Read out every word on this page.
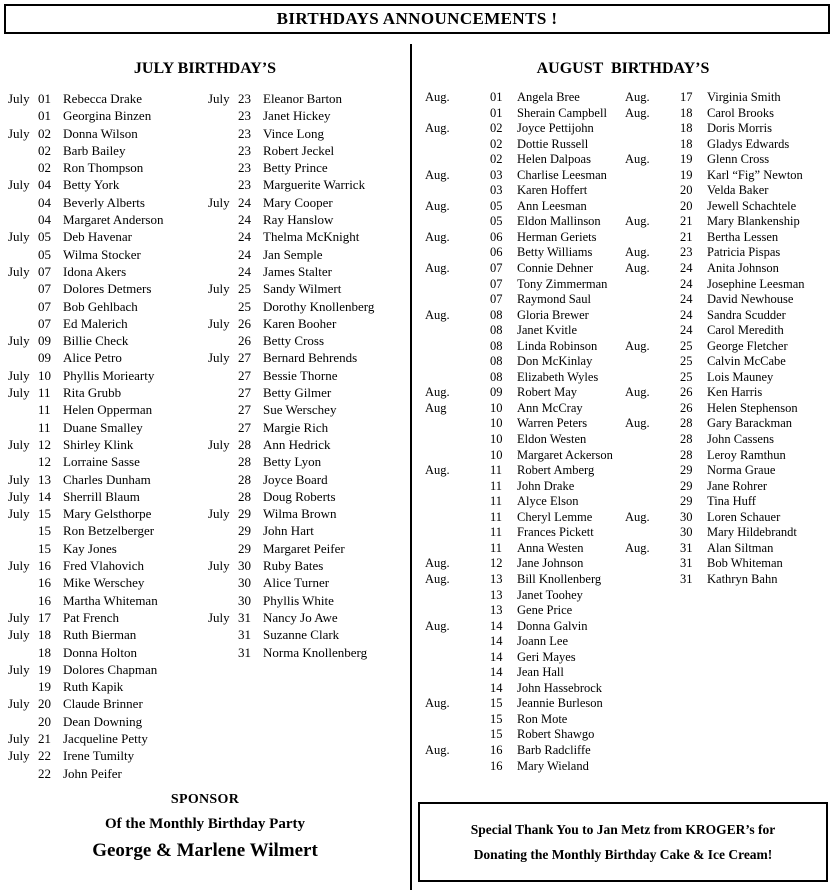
BIRTHDAYS ANNOUNCEMENTS !
JULY BIRTHDAY’S
July 01 Rebecca Drake
01 Georgina Binzen
July 02 Donna Wilson
02 Barb Bailey
02 Ron Thompson
July 04 Betty York
04 Beverly Alberts
04 Margaret Anderson
July 05 Deb Havenar
05 Wilma Stocker
July 07 Idona Akers
07 Dolores Detmers
07 Bob Gehlbach
07 Ed Malerich
July 09 Billie Check
09 Alice Petro
July 10 Phyllis Moriearty
July 11 Rita Grubb
11 Helen Opperman
11 Duane Smalley
July 12 Shirley Klink
12 Lorraine Sasse
July 13 Charles Dunham
July 14 Sherrill Blaum
July 15 Mary Gelsthorpe
15 Ron Betzelberger
15 Kay Jones
July 16 Fred Vlahovich
16 Mike Werschey
16 Martha Whiteman
July 17 Pat French
July 18 Ruth Bierman
18 Donna Holton
July 19 Dolores Chapman
19 Ruth Kapik
July 20 Claude Brinner
20 Dean Downing
July 21 Jacqueline Petty
July 22 Irene Tumilty
22 John Peifer
July 23 Eleanor Barton
23 Janet Hickey
23 Vince Long
23 Robert Jeckel
23 Betty Prince
23 Marguerite Warrick
July 24 Mary Cooper
24 Ray Hanslow
24 Thelma McKnight
24 Jan Semple
24 James Stalter
July 25 Sandy Wilmert
25 Dorothy Knollenberg
July 26 Karen Booher
26 Betty Cross
July 27 Bernard Behrends
27 Bessie Thorne
27 Betty Gilmer
27 Sue Werschey
27 Margie Rich
July 28 Ann Hedrick
28 Betty Lyon
28 Joyce Board
28 Doug Roberts
July 29 Wilma Brown
29 John Hart
29 Margaret Peifer
July 30 Ruby Bates
30 Alice Turner
30 Phyllis White
July 31 Nancy Jo Awe
31 Suzanne Clark
31 Norma Knollenberg
SPONSOR
Of the Monthly Birthday Party
George & Marlene Wilmert
AUGUST  BIRTHDAY’S
Aug.	01	Angela Bree
01	Sherain Campbell
Aug.	02	Joyce Pettijohn
02	Dottie Russell
02	Helen Dalpoas
Aug.	03	Charlise Leesman
03	Karen Hoffert
Aug.	05	Ann Leesman
05	Eldon Mallinson
Aug.	06	Herman Geriets
06	Betty Williams
Aug.	07	Connie Dehner
07	Tony Zimmerman
07	Raymond Saul
Aug.	08	Gloria Brewer
08	Janet Kvitle
08	Linda Robinson
08	Don McKinlay
08	Elizabeth Wyles
Aug.	09	Robert May
Aug	10	Ann McCray
10	Warren Peters
10	Eldon Westen
10	Margaret Ackerson
Aug.	11	Robert Amberg
11	John Drake
11	Alyce Elson
11	Cheryl Lemme
11	Frances Pickett
11	Anna Westen
Aug.	12	Jane Johnson
Aug.	13	Bill Knollenberg
13	Janet Toohey
13	Gene Price
Aug.	14	Donna Galvin
14	Joann Lee
14	Geri Mayes
14	Jean Hall
14	John Hassebrock
Aug.	15	Jeannie Burleson
15	Ron Mote
15	Robert Shawgo
Aug.	16	Barb Radcliffe
16	Mary Wieland
Aug.	17	Virginia Smith
Aug.	18	Carol Brooks
18	Doris Morris
18	Gladys Edwards
Aug.	19	Glenn Cross
19	Karl “Fig” Newton
20	Velda Baker
20	Jewell Schachtele
Aug.	21	Mary Blankenship
21	Bertha Lessen
Aug.	23	Patricia Pispas
Aug.	24	Anita Johnson
24	Josephine Leesman
24	David Newhouse
24	Sandra Scudder
24	Carol Meredith
Aug.	25	George Fletcher
25	Calvin McCabe
25	Lois Mauney
Aug.	26	Ken Harris
26	Helen Stephenson
Aug.	28	Gary Barackman
28	John Cassens
28	Leroy Ramthun
29	Norma Graue
29	Jane Rohrer
29	Tina Huff
Aug.	30	Loren Schauer
30	Mary Hildebrandt
Aug.	31	Alan Siltman
31	Bob Whiteman
31	Kathryn Bahn
Special Thank You to Jan Metz from KROGER’s for
Donating the Monthly Birthday Cake & Ice Cream!
